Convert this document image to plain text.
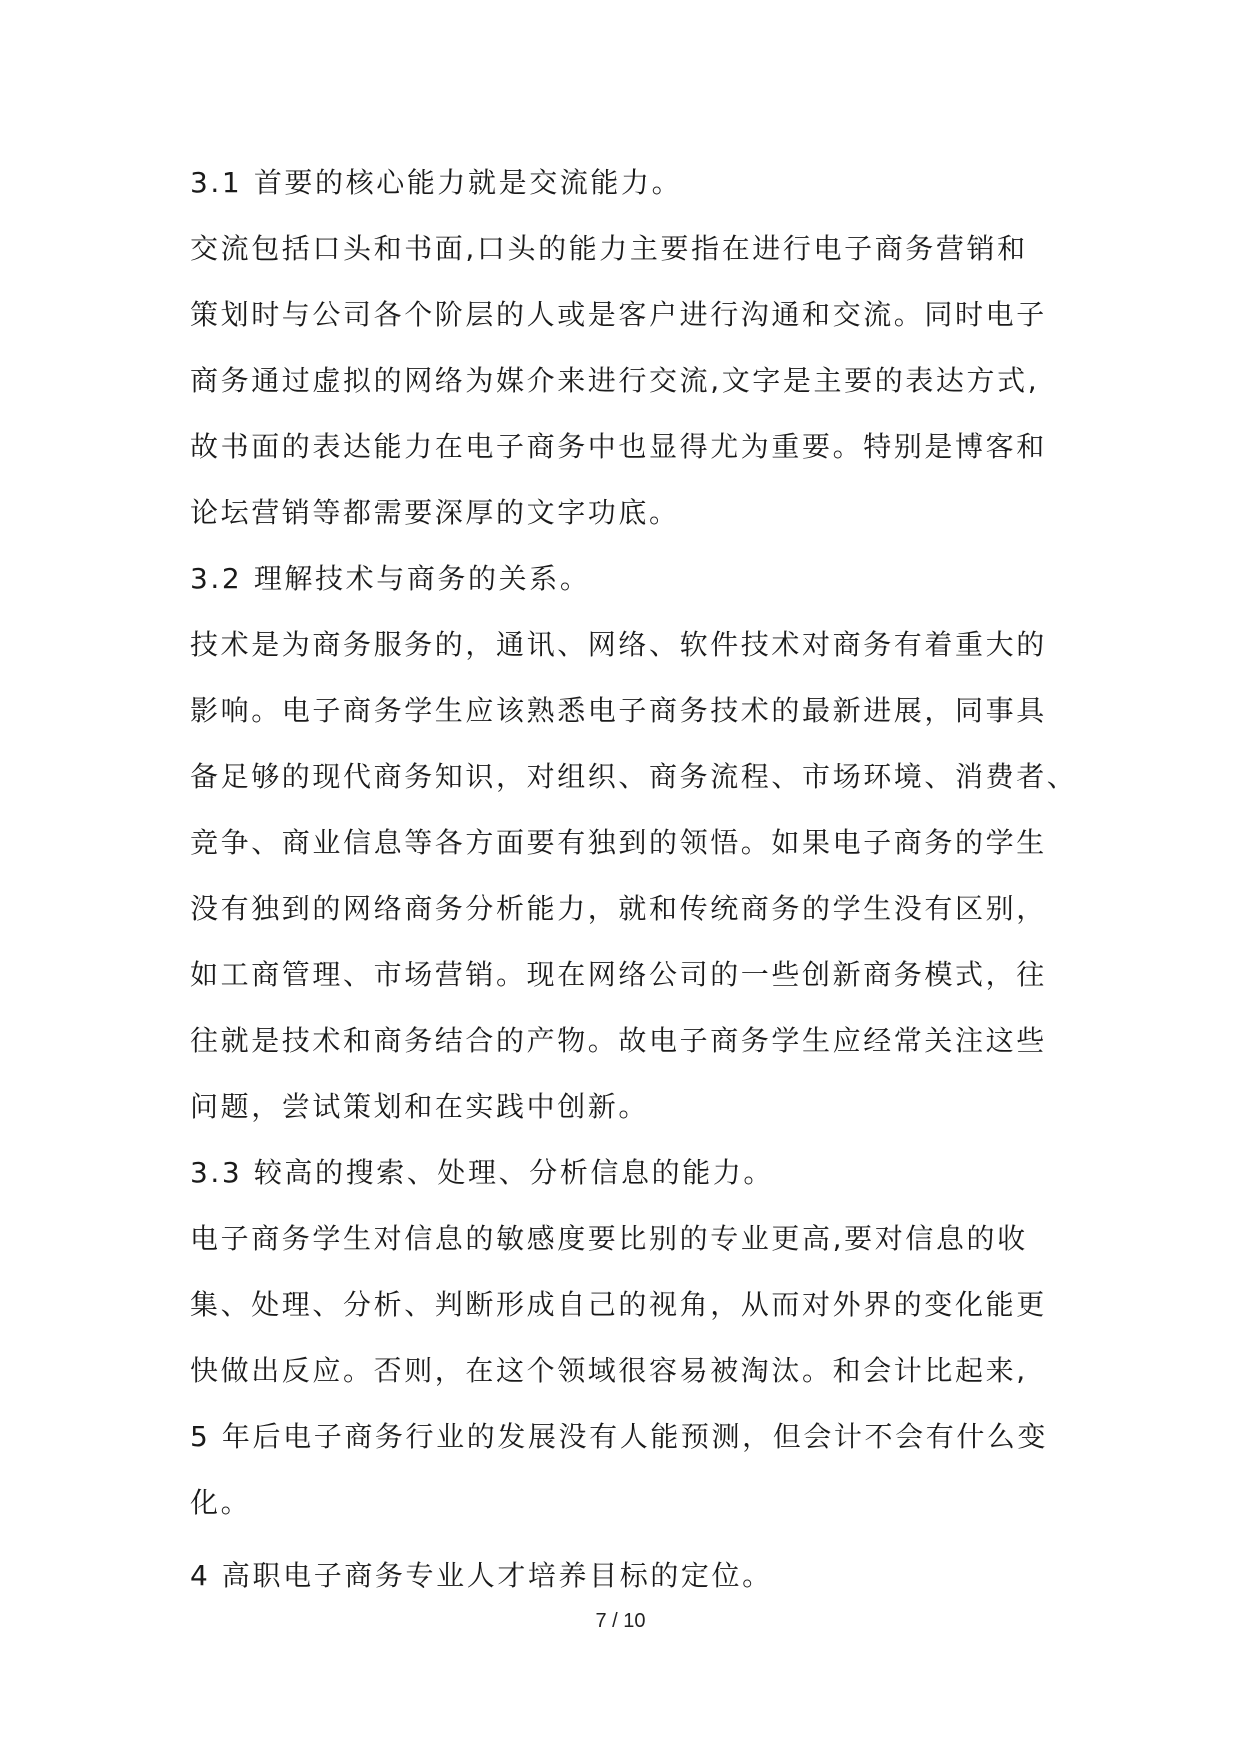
3.1 首要的核心能力就是交流能力。
交流包括口头和书面,口头的能力主要指在进行电子商务营销和
策划时与公司各个阶层的人或是客户进行沟通和交流。同时电子
商务通过虚拟的网络为媒介来进行交流,文字是主要的表达方式,
故书面的表达能力在电子商务中也显得尤为重要。特别是博客和
论坛营销等都需要深厚的文字功底。
3.2 理解技术与商务的关系。
技术是为商务服务的，通讯、网络、软件技术对商务有着重大的
影响。电子商务学生应该熟悉电子商务技术的最新进展，同事具
备足够的现代商务知识，对组织、商务流程、市场环境、消费者、
竞争、商业信息等各方面要有独到的领悟。如果电子商务的学生
没有独到的网络商务分析能力，就和传统商务的学生没有区别，
如工商管理、市场营销。现在网络公司的一些创新商务模式，往
往就是技术和商务结合的产物。故电子商务学生应经常关注这些
问题，尝试策划和在实践中创新。
3.3 较高的搜索、处理、分析信息的能力。
电子商务学生对信息的敏感度要比别的专业更高,要对信息的收
集、处理、分析、判断形成自己的视角，从而对外界的变化能更
快做出反应。否则，在这个领域很容易被淘汰。和会计比起来,
5 年后电子商务行业的发展没有人能预测，但会计不会有什么变
化。
4 高职电子商务专业人才培养目标的定位。
7 / 10
